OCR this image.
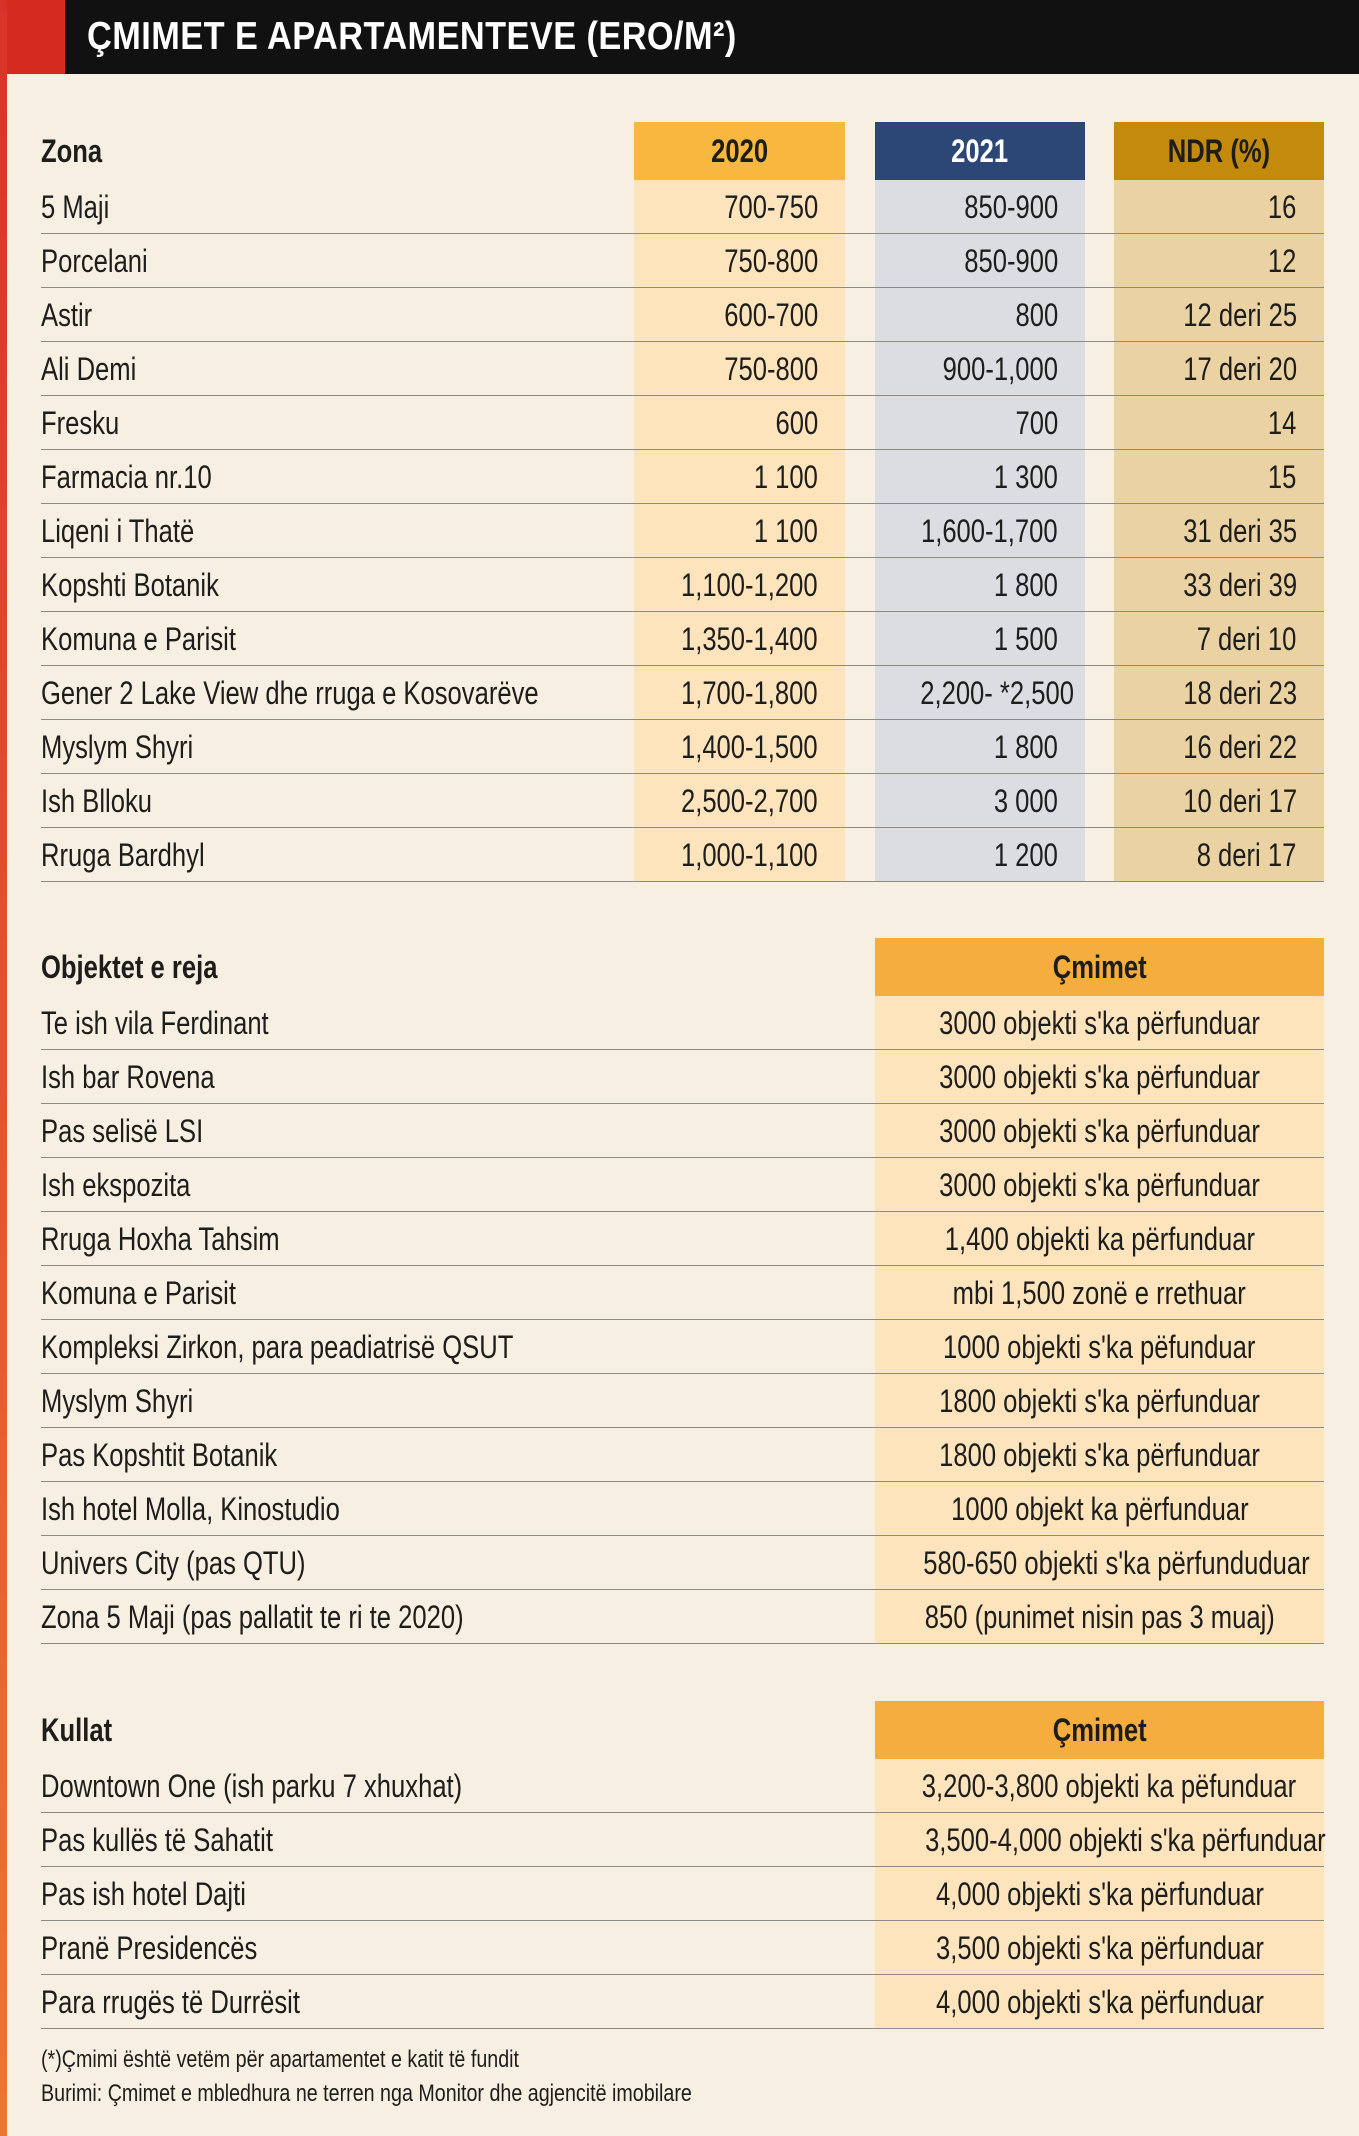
ÇMIMET E APARTAMENTEVE (ERO/M²)
Zona	2020	2021	NDR (%)
5 Maji	700-750	850-900	16
Porcelani	750-800	850-900	12
Astir	600-700	800	12 deri 25
Ali Demi	750-800	900-1,000	17 deri 20
Fresku	600	700	14
Farmacia nr.10	1 100	1 300	15
Liqeni i Thatë	1 100	1,600-1,700	31 deri 35
Kopshti Botanik	1,100-1,200	1 800	33 deri 39
Komuna e Parisit	1,350-1,400	1 500	7 deri 10
Gener 2 Lake View dhe rruga e Kosovarëve	1,700-1,800	2,200- *2,500	18 deri 23
Myslym Shyri	1,400-1,500	1 800	16 deri 22
Ish Blloku	2,500-2,700	3 000	10 deri 17
Rruga Bardhyl	1,000-1,100	1 200	8 deri 17
Objektet e reja	Çmimet
Te ish vila Ferdinant	3000 objekti s'ka përfunduar
Ish bar Rovena	3000 objekti s'ka përfunduar
Pas selisë LSI	3000 objekti s'ka përfunduar
Ish ekspozita	3000 objekti s'ka përfunduar
Rruga Hoxha Tahsim	1,400 objekti ka përfunduar
Komuna e Parisit	mbi 1,500 zonë e rrethuar
Kompleksi Zirkon, para peadiatrisë QSUT	1000 objekti s'ka pëfunduar
Myslym Shyri	1800 objekti s'ka përfunduar
Pas Kopshtit Botanik	1800 objekti s'ka përfunduar
Ish hotel Molla, Kinostudio	1000 objekt ka përfunduar
Univers City (pas QTU)	580-650 objekti s'ka përfunduduar
Zona 5 Maji (pas pallatit te ri te 2020)	850 (punimet nisin pas 3 muaj)
Kullat	Çmimet
Downtown One (ish parku 7 xhuxhat)	3,200-3,800 objekti ka pëfunduar
Pas kullës të Sahatit	3,500-4,000 objekti s'ka përfunduar
Pas ish hotel Dajti	4,000 objekti s'ka përfunduar
Pranë Presidencës	3,500 objekti s'ka përfunduar
Para rrugës të Durrësit	4,000 objekti s'ka përfunduar
(*)Çmimi është vetëm për apartamentet e katit të fundit
Burimi: Çmimet e mbledhura ne terren nga Monitor dhe agjencitë imobilare
